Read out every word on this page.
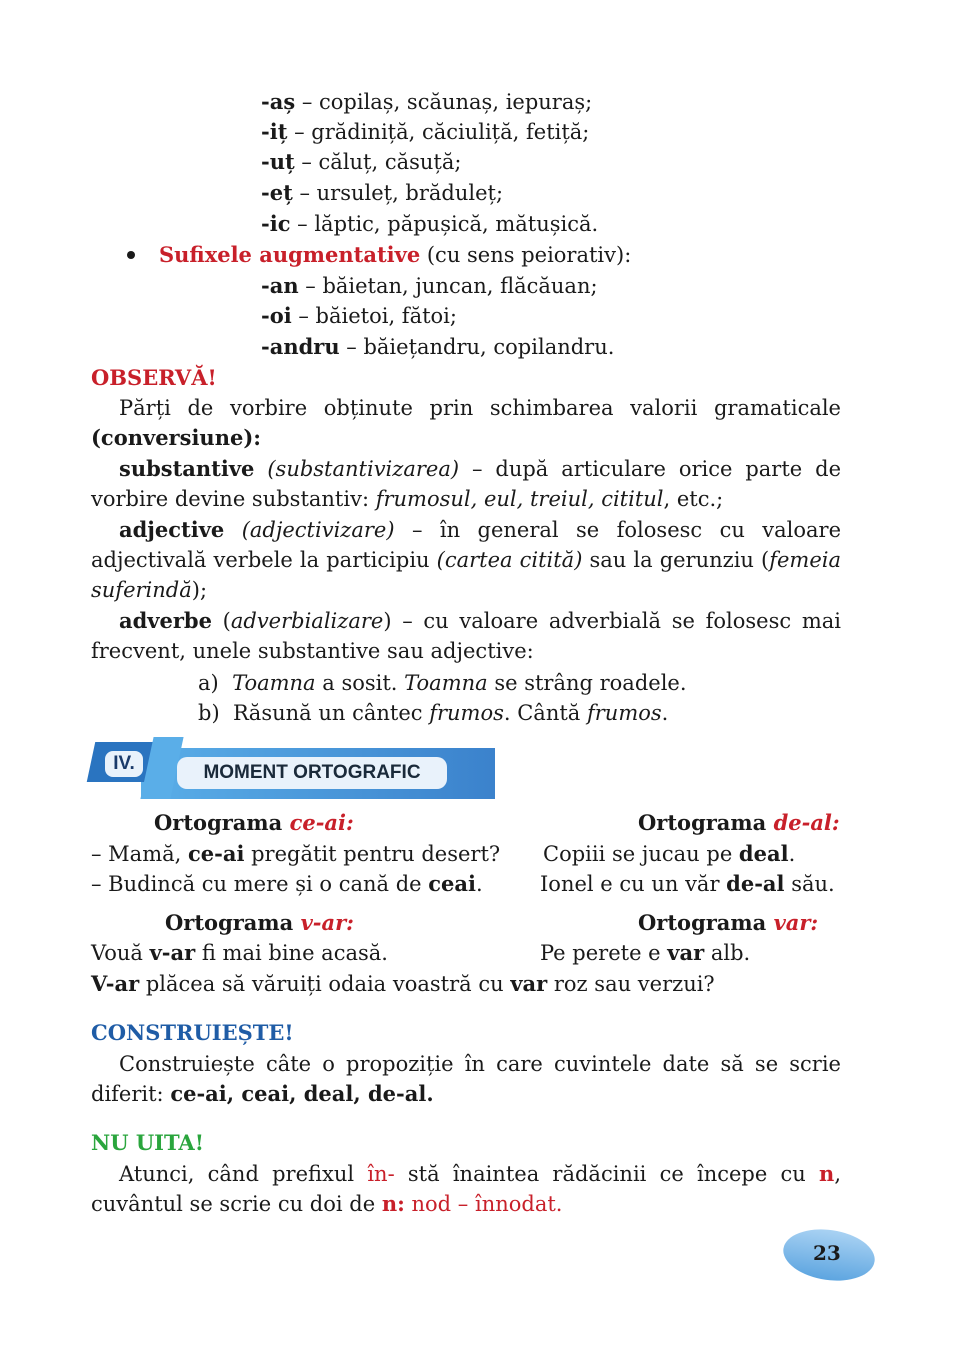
-aș – copilaș, scăunaș, iepuraș;
-iț – grădiniță, căciuliță, fetiță;
-uț – căluț, căsuță;
-eț – ursuleț, brăduleț;
-ic – lăptic, păpușică, mătușică.
Sufixele augmentative (cu sens peiorativ):
-an – băietan, juncan, flăcăuan;
-oi – băietoi, fătoi;
-andru – băiețandru, copilandru.
OBSERVĂ!
Părți de vorbire obținute prin schimbarea valorii gramaticale (conversiune):
substantive (substantivizarea) – după articulare orice parte de vorbire devine substantiv: frumosul, eul, treiul, cititul, etc.;
adjective (adjectivizare) – în general se folosesc cu valoare adjectivală verbele la participiu (cartea citită) sau la gerunziu (femeia suferindă);
adverbe (adverbializare) – cu valoare adverbială se folosesc mai frecvent, unele substantive sau adjective:
a) Toamna a sosit. Toamna se strâng roadele.
b) Răsună un cântec frumos. Cântă frumos.
IV.	MOMENT ORTOGRAFIC
Ortograma ce-ai:	Ortograma de-al:
– Mamă, ce-ai pregătit pentru desert? Copiii se jucau pe deal.
– Budincă cu mere și o cană de ceai.	Ionel e cu un văr de-al său.
Ortograma v-ar:	Ortograma var:
Vouă v-ar fi mai bine acasă.	Pe perete e var alb.
V-ar plăcea să văruiți odaia voastră cu var roz sau verzui?
CONSTRUIEȘTE!
Construiește câte o propoziție în care cuvintele date să se scrie diferit: ce-ai, ceai, deal, de-al.
NU UITA!
Atunci, când prefixul în- stă înaintea rădăcinii ce începe cu n, cuvântul se scrie cu doi de n: nod – înnodat.
23
